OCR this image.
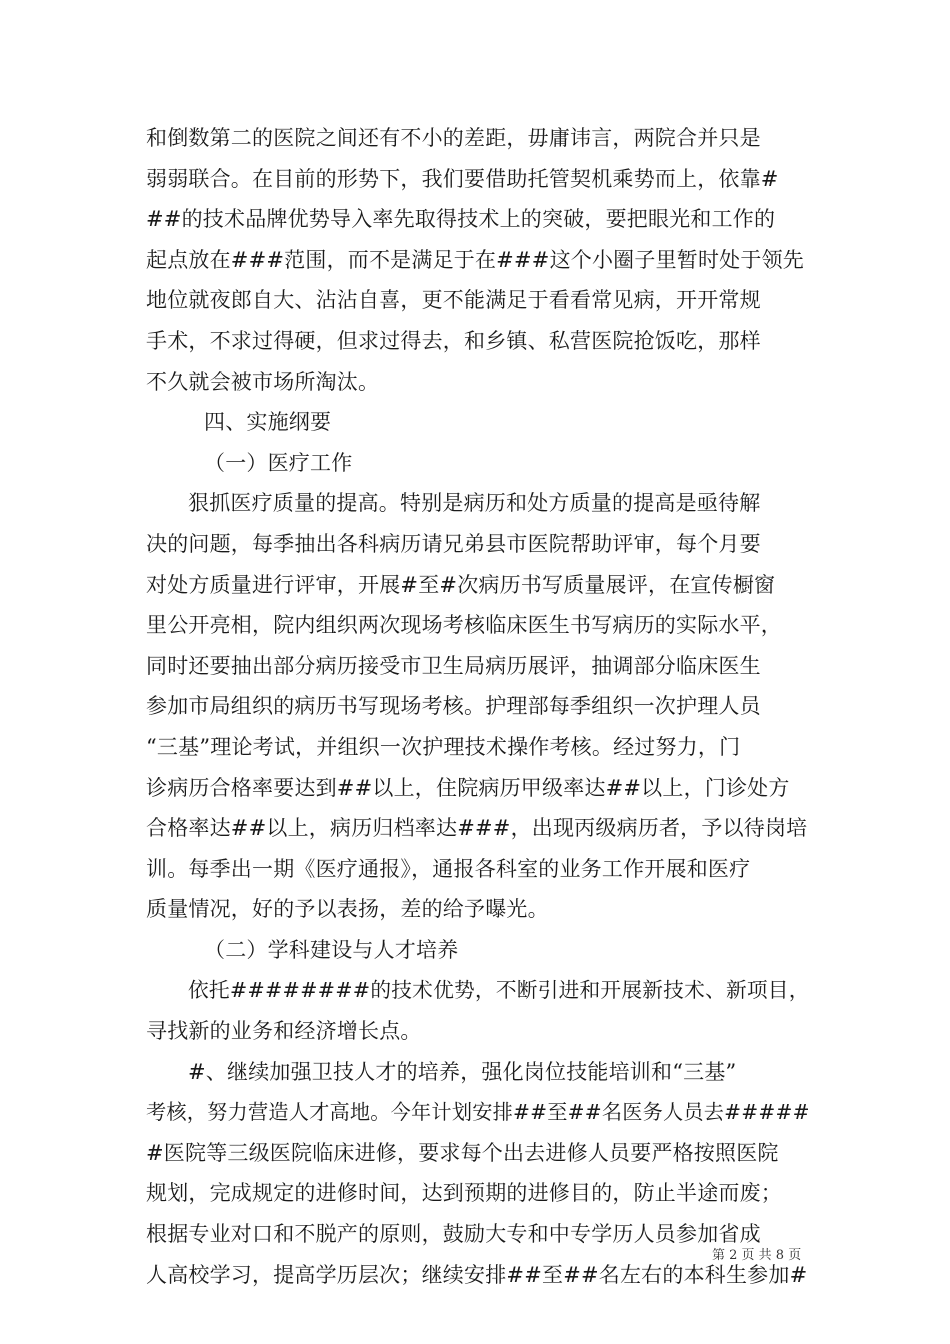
和倒数第二的医院之间还有不小的差距，毋庸讳言，两院合并只是
弱弱联合。在目前的形势下，我们要借助托管契机乘势而上，依靠#
##的技术品牌优势导入率先取得技术上的突破，要把眼光和工作的
起点放在###范围，而不是满足于在###这个小圈子里暂时处于领先
地位就夜郎自大、沾沾自喜，更不能满足于看看常见病，开开常规
手术，不求过得硬，但求过得去，和乡镇、私营医院抢饭吃，那样
不久就会被市场所淘汰。
四、实施纲要
（一）医疗工作
狠抓医疗质量的提高。特别是病历和处方质量的提高是亟待解
决的问题，每季抽出各科病历请兄弟县市医院帮助评审，每个月要
对处方质量进行评审，开展#至#次病历书写质量展评，在宣传橱窗
里公开亮相，院内组织两次现场考核临床医生书写病历的实际水平，
同时还要抽出部分病历接受市卫生局病历展评，抽调部分临床医生
参加市局组织的病历书写现场考核。护理部每季组织一次护理人员
“三基”理论考试，并组织一次护理技术操作考核。经过努力，门
诊病历合格率要达到##以上，住院病历甲级率达##以上，门诊处方
合格率达##以上，病历归档率达###，出现丙级病历者，予以待岗培
训。每季出一期《医疗通报》，通报各科室的业务工作开展和医疗
质量情况，好的予以表扬，差的给予曝光。
（二）学科建设与人才培养
依托########的技术优势，不断引进和开展新技术、新项目，
寻找新的业务和经济增长点。
#、继续加强卫技人才的培养，强化岗位技能培训和“三基”
考核，努力营造人才高地。今年计划安排##至##名医务人员去#####
#医院等三级医院临床进修，要求每个出去进修人员要严格按照医院
规划，完成规定的进修时间，达到预期的进修目的，防止半途而废；
根据专业对口和不脱产的原则，鼓励大专和中专学历人员参加省成
人高校学习，提高学历层次；继续安排##至##名左右的本科生参加#
第 2 页 共 8 页
